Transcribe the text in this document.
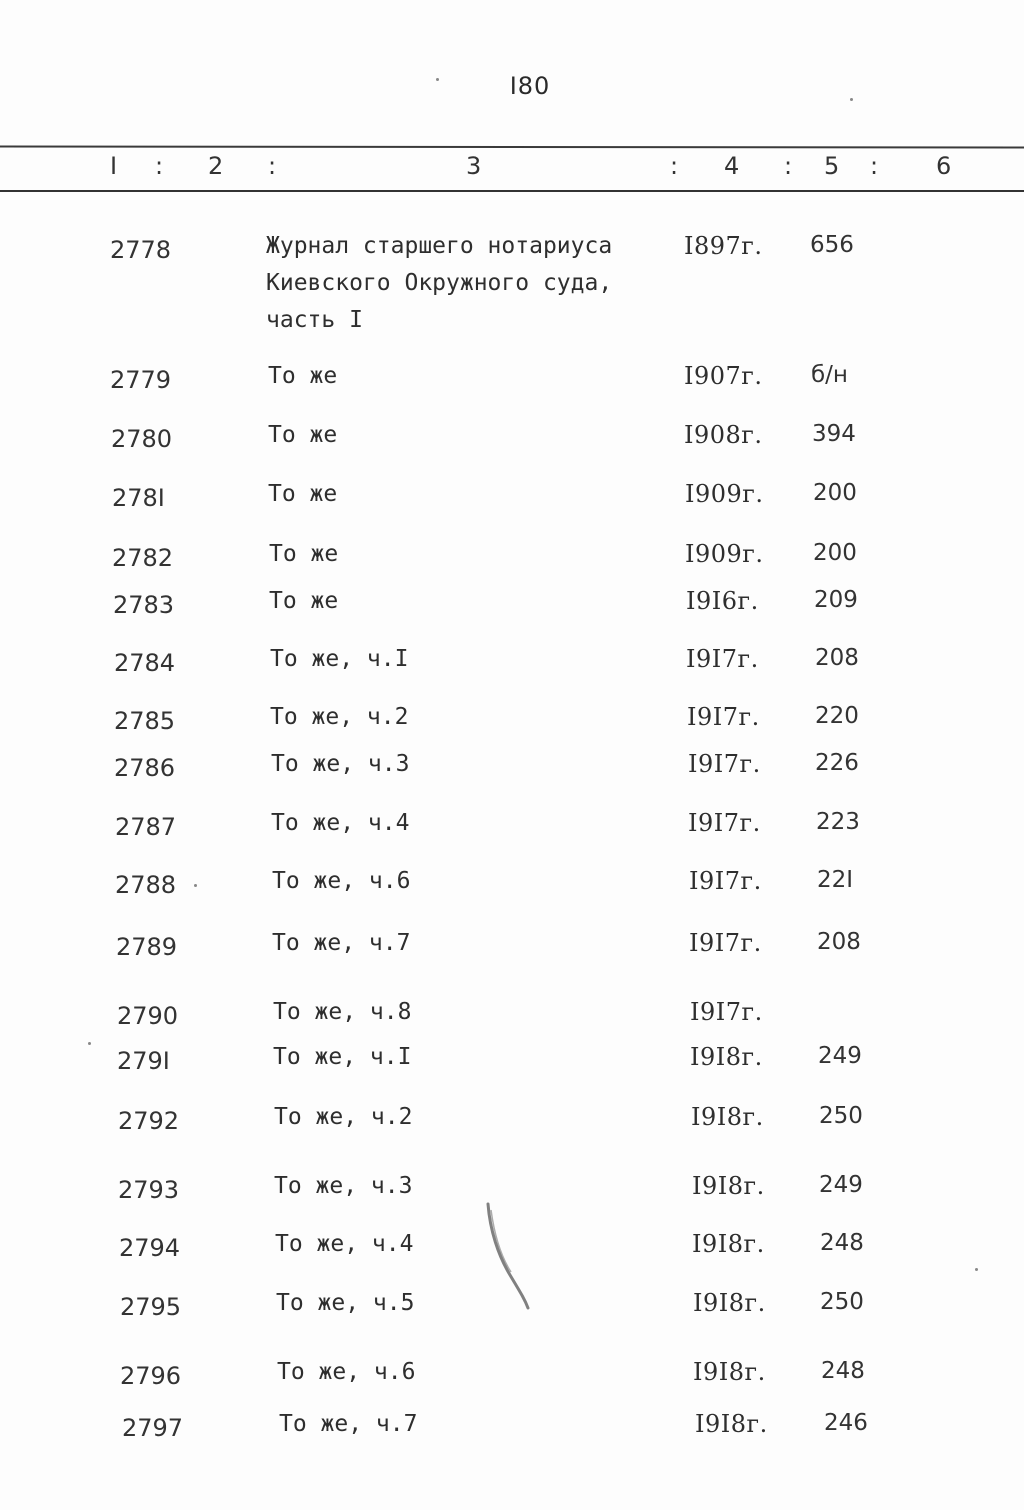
I80
I : 2 :	3	: 4 : 5 : 6
2778	Журнал старшего нотариуса
Киевского Окружного суда,
часть I
I897г. 656
2779	То же	I907г. б/н
2780	То же	I908г. 394
278I	То же	I909г. 200
2782	То же	I909г. 200
2783	То же	I9I6г. 209
2784	То же, ч.I	I9I7г. 208
2785	То же, ч.2	I9I7г. 220
2786	То же, ч.3	I9I7г. 226
2787	То же, ч.4	I9I7г. 223
2788	То же, ч.6	I9I7г. 22I
2789	То же, ч.7	I9I7г. 208
2790	То же, ч.8	I9I7г.
279I	То же, ч.I	I9I8г. 249
2792	То же, ч.2	I9I8г. 250
2793	То же, ч.3	I9I8г. 249
2794	То же, ч.4	I9I8г. 248
2795	То же, ч.5	I9I8г. 250
2796	То же, ч.6	I9I8г. 248
2797	То же, ч.7	I9I8г. 246
